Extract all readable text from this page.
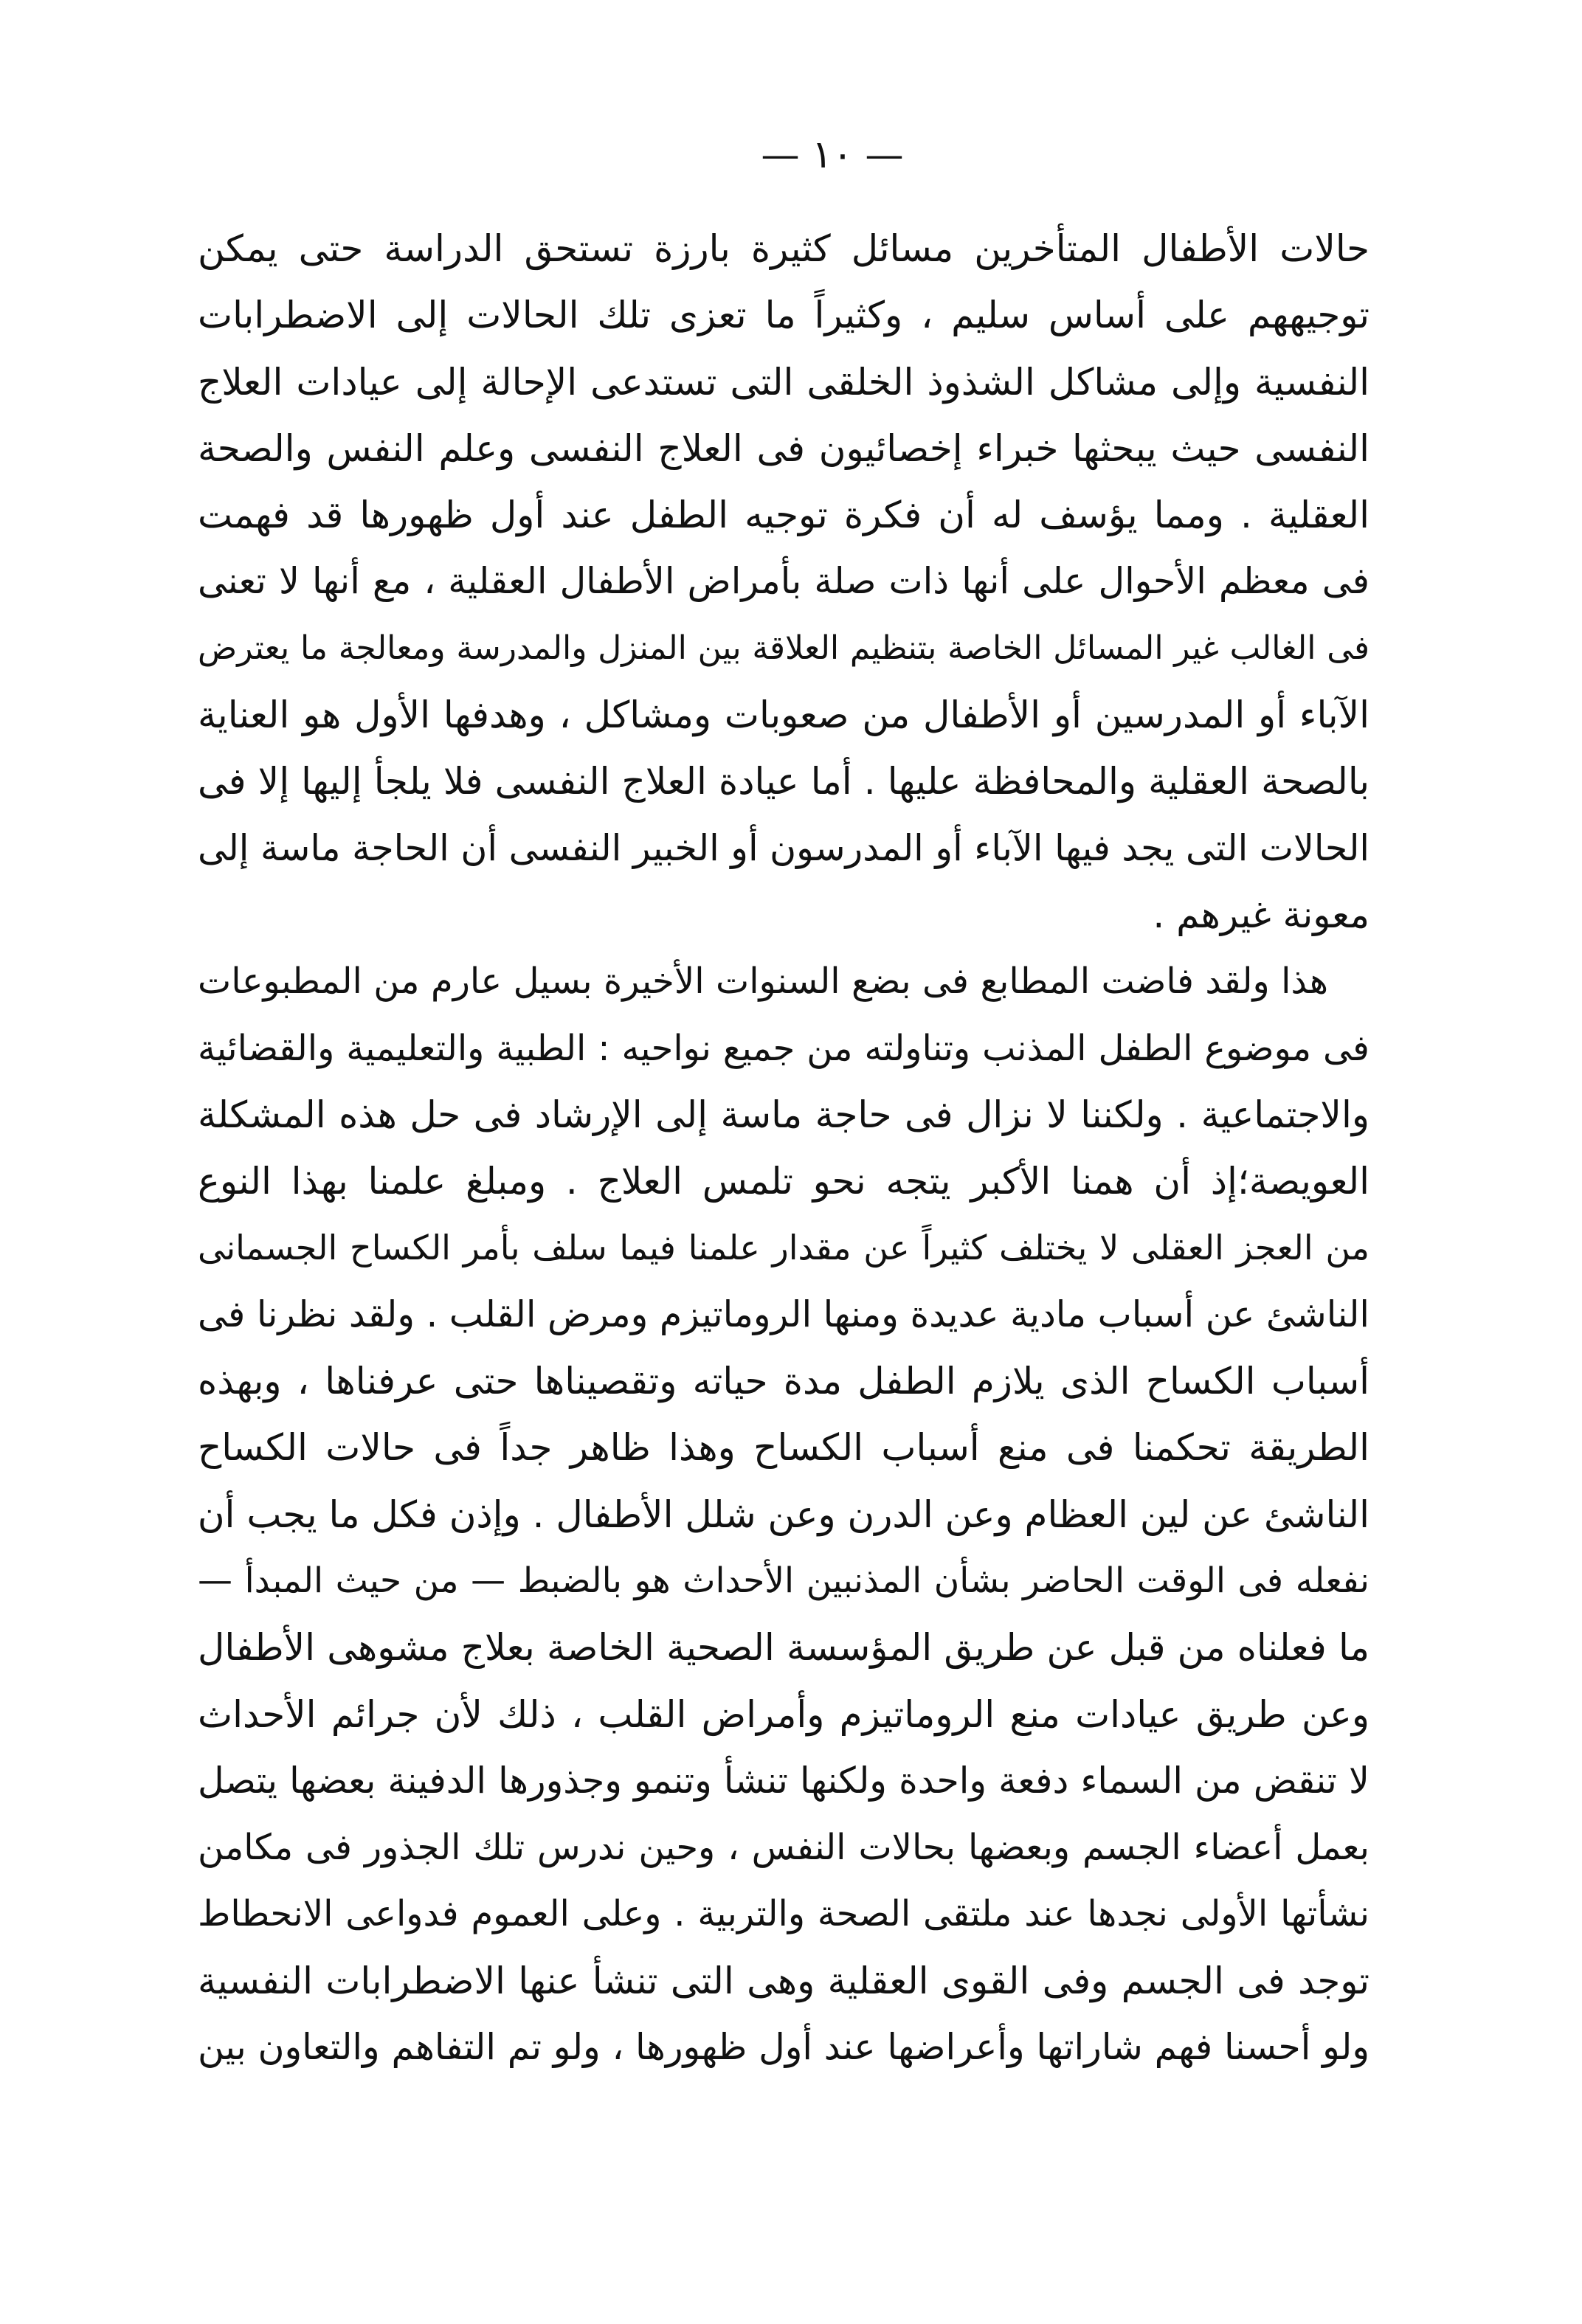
— ١٠ —
حالات الأطفال المتأخرين مسائل كثيرة بارزة تستحق الدراسة حتى يمكن
توجيههم على أساس سليم ، وكثيراً ما تعزى تلك الحالات إلى الاضطرابات
النفسية وإلى مشاكل الشذوذ الخلقى التى تستدعى الإحالة إلى عيادات العلاج
النفسى حيث يبحثها خبراء إخصائيون فى العلاج النفسى وعلم النفس والصحة
العقلية . ومما يؤسف له أن فكرة توجيه الطفل عند أول ظهورها قد فهمت
فى معظم الأحوال على أنها ذات صلة بأمراض الأطفال العقلية ، مع أنها لا تعنى
فى الغالب غير المسائل الخاصة بتنظيم العلاقة بين المنزل والمدرسة ومعالجة ما يعترض
الآباء أو المدرسين أو الأطفال من صعوبات ومشاكل ، وهدفها الأول هو العناية
بالصحة العقلية والمحافظة عليها . أما عيادة العلاج النفسى فلا يلجأ إليها إلا فى
الحالات التى يجد فيها الآباء أو المدرسون أو الخبير النفسى أن الحاجة ماسة إلى
معونة غيرهم .
هذا ولقد فاضت المطابع فى بضع السنوات الأخيرة بسيل عارم من المطبوعات
فى موضوع الطفل المذنب وتناولته من جميع نواحيه : الطبية والتعليمية والقضائية
والاجتماعية . ولكننا لا نزال فى حاجة ماسة إلى الإرشاد فى حل هذه المشكلة
العويصة؛إذ أن همنا الأكبر يتجه نحو تلمس العلاج . ومبلغ علمنا بهذا النوع
من العجز العقلى لا يختلف كثيراً عن مقدار علمنا فيما سلف بأمر الكساح الجسمانى
الناشئ عن أسباب مادية عديدة ومنها الروماتيزم ومرض القلب . ولقد نظرنا فى
أسباب الكساح الذى يلازم الطفل مدة حياته وتقصيناها حتى عرفناها ، وبهذه
الطريقة تحكمنا فى منع أسباب الكساح وهذا ظاهر جداً فى حالات الكساح
الناشئ عن لين العظام وعن الدرن وعن شلل الأطفال . وإذن فكل ما يجب أن
نفعله فى الوقت الحاضر بشأن المذنبين الأحداث هو بالضبط — من حيث المبدأ —
ما فعلناه من قبل عن طريق المؤسسة الصحية الخاصة بعلاج مشوهى الأطفال
وعن طريق عيادات منع الروماتيزم وأمراض القلب ، ذلك لأن جرائم الأحداث
لا تنقض من السماء دفعة واحدة ولكنها تنشأ وتنمو وجذورها الدفينة بعضها يتصل
بعمل أعضاء الجسم وبعضها بحالات النفس ، وحين ندرس تلك الجذور فى مكامن
نشأتها الأولى نجدها عند ملتقى الصحة والتربية . وعلى العموم فدواعى الانحطاط
توجد فى الجسم وفى القوى العقلية وهى التى تنشأ عنها الاضطرابات النفسية
ولو أحسنا فهم شاراتها وأعراضها عند أول ظهورها ، ولو تم التفاهم والتعاون بين
